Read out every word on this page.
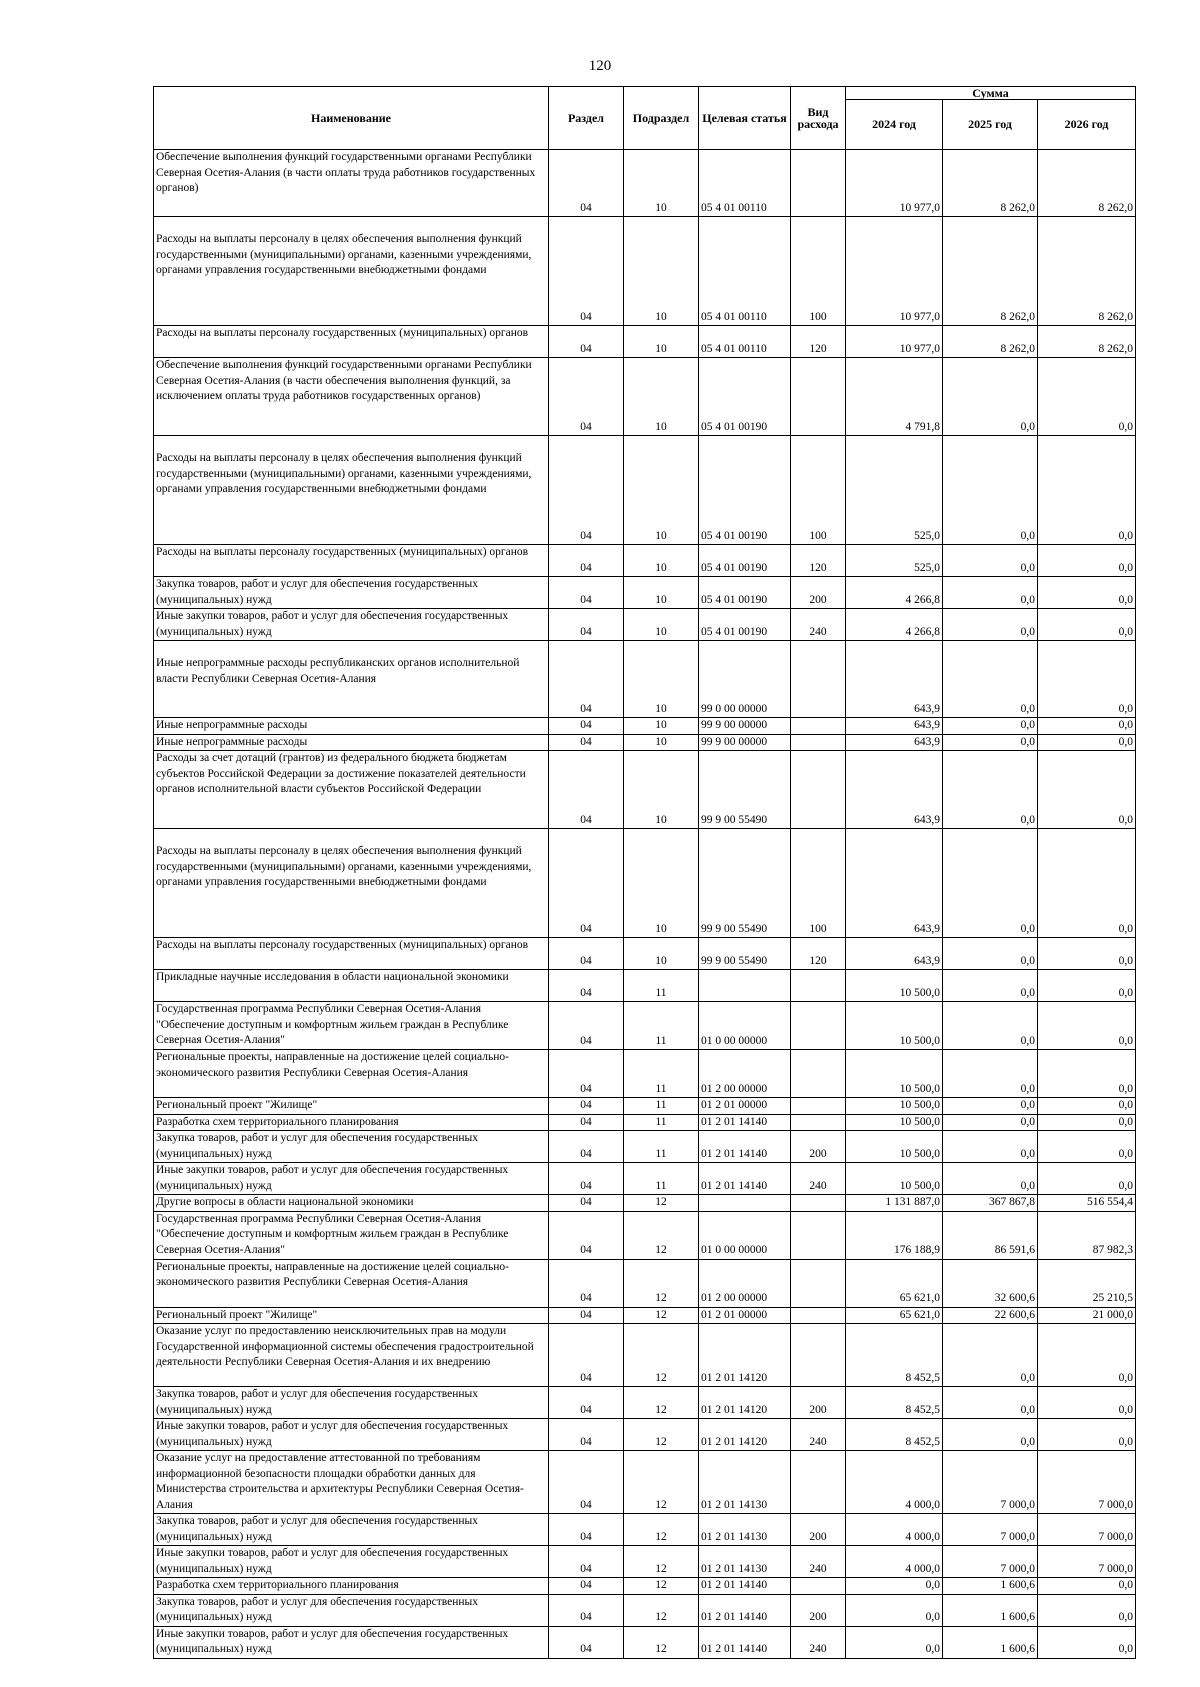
120
Наименование	Раздел	Подраздел	Целевая статья	Вид расхода	Сумма		
					2024 год	2025 год	2026 год
Обеспечение выполнения функций государственными органами Республики Северная Осетия-Алания (в части оплаты труда работников государственных органов)	04	10	05 4 01 00110		10 977,0	8 262,0	8 262,0
Расходы на выплаты персоналу в целях обеспечения выполнения функций государственными (муниципальными) органами, казенными учреждениями, органами управления государственными внебюджетными фондами	04	10	05 4 01 00110	100	10 977,0	8 262,0	8 262,0
Расходы на выплаты персоналу государственных (муниципальных) органов	04	10	05 4 01 00110	120	10 977,0	8 262,0	8 262,0
Обеспечение выполнения функций государственными органами Республики Северная Осетия-Алания (в части обеспечения выполнения функций, за исключением оплаты труда работников государственных органов)	04	10	05 4 01 00190		4 791,8	0,0	0,0
Расходы на выплаты персоналу в целях обеспечения выполнения функций государственными (муниципальными) органами, казенными учреждениями, органами управления государственными внебюджетными фондами	04	10	05 4 01 00190	100	525,0	0,0	0,0
Расходы на выплаты персоналу государственных (муниципальных) органов	04	10	05 4 01 00190	120	525,0	0,0	0,0
Закупка товаров, работ и услуг для обеспечения государственных (муниципальных) нужд	04	10	05 4 01 00190	200	4 266,8	0,0	0,0
Иные закупки товаров, работ и услуг для обеспечения государственных (муниципальных) нужд	04	10	05 4 01 00190	240	4 266,8	0,0	0,0
Иные непрограммные расходы республиканских органов исполнительной власти Республики Северная Осетия-Алания	04	10	99 0 00 00000		643,9	0,0	0,0
Иные непрограммные расходы	04	10	99 9 00 00000		643,9	0,0	0,0
Иные непрограммные расходы	04	10	99 9 00 00000		643,9	0,0	0,0
Расходы за счет дотаций (грантов) из федерального бюджета бюджетам субъектов Российской Федерации за достижение показателей деятельности органов исполнительной власти субъектов Российской Федерации	04	10	99 9 00 55490		643,9	0,0	0,0
Расходы на выплаты персоналу в целях обеспечения выполнения функций государственными (муниципальными) органами, казенными учреждениями, органами управления государственными внебюджетными фондами	04	10	99 9 00 55490	100	643,9	0,0	0,0
Расходы на выплаты персоналу государственных (муниципальных) органов	04	10	99 9 00 55490	120	643,9	0,0	0,0
Прикладные научные исследования в области национальной экономики	04	11			10 500,0	0,0	0,0
Государственная программа Республики Северная Осетия-Алания "Обеспечение доступным и комфортным жильем граждан в Республике Северная Осетия-Алания"	04	11	01 0 00 00000		10 500,0	0,0	0,0
Региональные проекты, направленные на достижение целей социально-экономического развития Республики Северная Осетия-Алания	04	11	01 2 00 00000		10 500,0	0,0	0,0
Региональный проект "Жилище"	04	11	01 2 01 00000		10 500,0	0,0	0,0
Разработка схем территориального планирования	04	11	01 2 01 14140		10 500,0	0,0	0,0
Закупка товаров, работ и услуг для обеспечения государственных (муниципальных) нужд	04	11	01 2 01 14140	200	10 500,0	0,0	0,0
Иные закупки товаров, работ и услуг для обеспечения государственных (муниципальных) нужд	04	11	01 2 01 14140	240	10 500,0	0,0	0,0
Другие вопросы в области национальной экономики	04	12			1 131 887,0	367 867,8	516 554,4
Государственная программа Республики Северная Осетия-Алания "Обеспечение доступным и комфортным жильем граждан в Республике Северная Осетия-Алания"	04	12	01 0 00 00000		176 188,9	86 591,6	87 982,3
Региональные проекты, направленные на достижение целей социально-экономического развития Республики Северная Осетия-Алания	04	12	01 2 00 00000		65 621,0	32 600,6	25 210,5
Региональный проект "Жилище"	04	12	01 2 01 00000		65 621,0	22 600,6	21 000,0
Оказание услуг по предоставлению неисключительных прав на модули Государственной информационной системы обеспечения градостроительной деятельности Республики Северная Осетия-Алания и их внедрению	04	12	01 2 01 14120		8 452,5	0,0	0,0
Закупка товаров, работ и услуг для обеспечения государственных (муниципальных) нужд	04	12	01 2 01 14120	200	8 452,5	0,0	0,0
Иные закупки товаров, работ и услуг для обеспечения государственных (муниципальных) нужд	04	12	01 2 01 14120	240	8 452,5	0,0	0,0
Оказание услуг на предоставление аттестованной по требованиям информационной безопасности площадки обработки данных для Министерства строительства и архитектуры Республики Северная Осетия-Алания	04	12	01 2 01 14130		4 000,0	7 000,0	7 000,0
Закупка товаров, работ и услуг для обеспечения государственных (муниципальных) нужд	04	12	01 2 01 14130	200	4 000,0	7 000,0	7 000,0
Иные закупки товаров, работ и услуг для обеспечения государственных (муниципальных) нужд	04	12	01 2 01 14130	240	4 000,0	7 000,0	7 000,0
Разработка схем территориального планирования	04	12	01 2 01 14140		0,0	1 600,6	0,0
Закупка товаров, работ и услуг для обеспечения государственных (муниципальных) нужд	04	12	01 2 01 14140	200	0,0	1 600,6	0,0
Иные закупки товаров, работ и услуг для обеспечения государственных (муниципальных) нужд	04	12	01 2 01 14140	240	0,0	1 600,6	0,0
